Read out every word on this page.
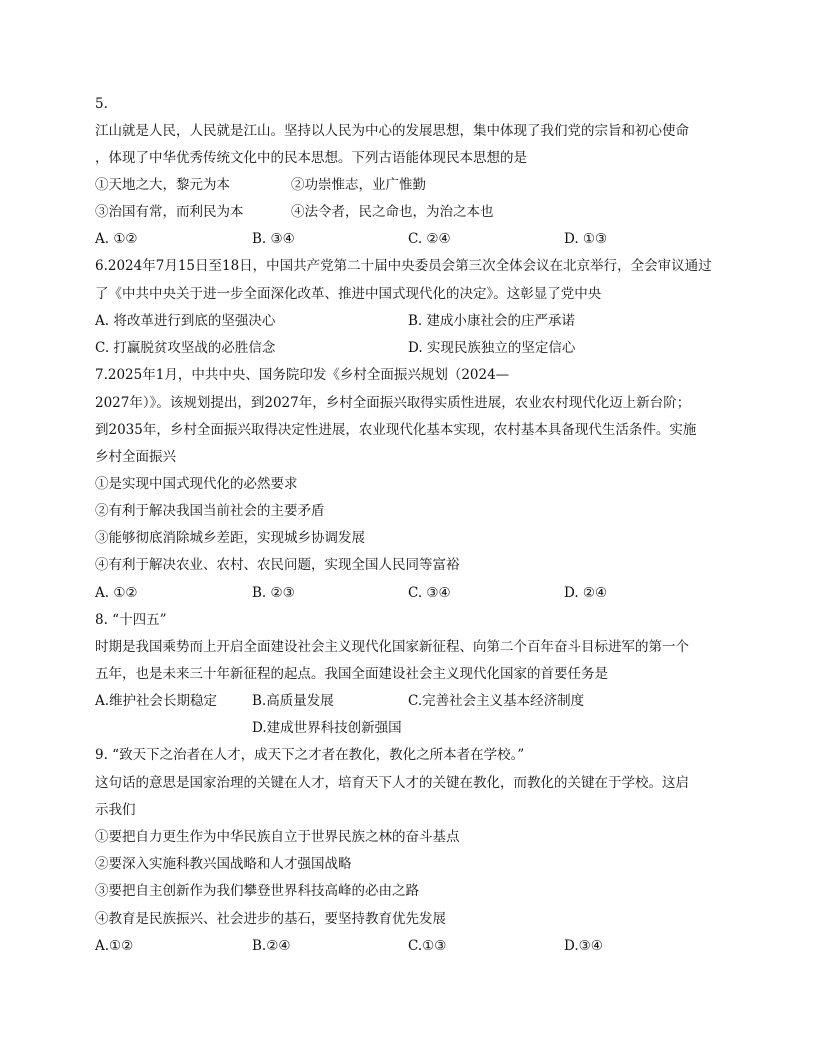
5.
江山就是人民，人民就是江山。坚持以人民为中心的发展思想，集中体现了我们党的宗旨和初心使命
，体现了中华优秀传统文化中的民本思想。下列古语能体现民本思想的是
①天地之大，黎元为本	②功崇惟志，业广惟勤
③治国有常，而利民为本	④法令者，民之命也，为治之本也
A. ①②	B. ③④	C. ②④	D. ①③
6.2024年7月15日至18日，中国共产党第二十届中央委员会第三次全体会议在北京举行，全会审议通过
了《中共中央关于进一步全面深化改革、推进中国式现代化的决定》。这彰显了党中央
A. 将改革进行到底的坚强决心	B. 建成小康社会的庄严承诺
C. 打赢脱贫攻坚战的必胜信念	D. 实现民族独立的坚定信心
7.2025年1月，中共中央、国务院印发《乡村全面振兴规划（2024—
2027年）》。该规划提出，到2027年，乡村全面振兴取得实质性进展，农业农村现代化迈上新台阶；
到2035年，乡村全面振兴取得决定性进展，农业现代化基本实现，农村基本具备现代生活条件。实施
乡村全面振兴
①是实现中国式现代化的必然要求
②有利于解决我国当前社会的主要矛盾
③能够彻底消除城乡差距，实现城乡协调发展
④有利于解决农业、农村、农民问题，实现全国人民同等富裕
A. ①②	B. ②③	C. ③④	D. ②④
8. “十四五”
时期是我国乘势而上开启全面建设社会主义现代化国家新征程、向第二个百年奋斗目标进军的第一个
五年，也是未来三十年新征程的起点。我国全面建设社会主义现代化国家的首要任务是
A.维护社会长期稳定	B.高质量发展	C.完善社会主义基本经济制度
D.建成世界科技创新强国
9. “致天下之治者在人才，成天下之才者在教化，教化之所本者在学校。”
这句话的意思是国家治理的关键在人才，培育天下人才的关键在教化，而教化的关键在于学校。这启
示我们
①要把自力更生作为中华民族自立于世界民族之林的奋斗基点
②要深入实施科教兴国战略和人才强国战略
③要把自主创新作为我们攀登世界科技高峰的必由之路
④教育是民族振兴、社会进步的基石，要坚持教育优先发展
A.①②	B.②④	C.①③	D.③④
